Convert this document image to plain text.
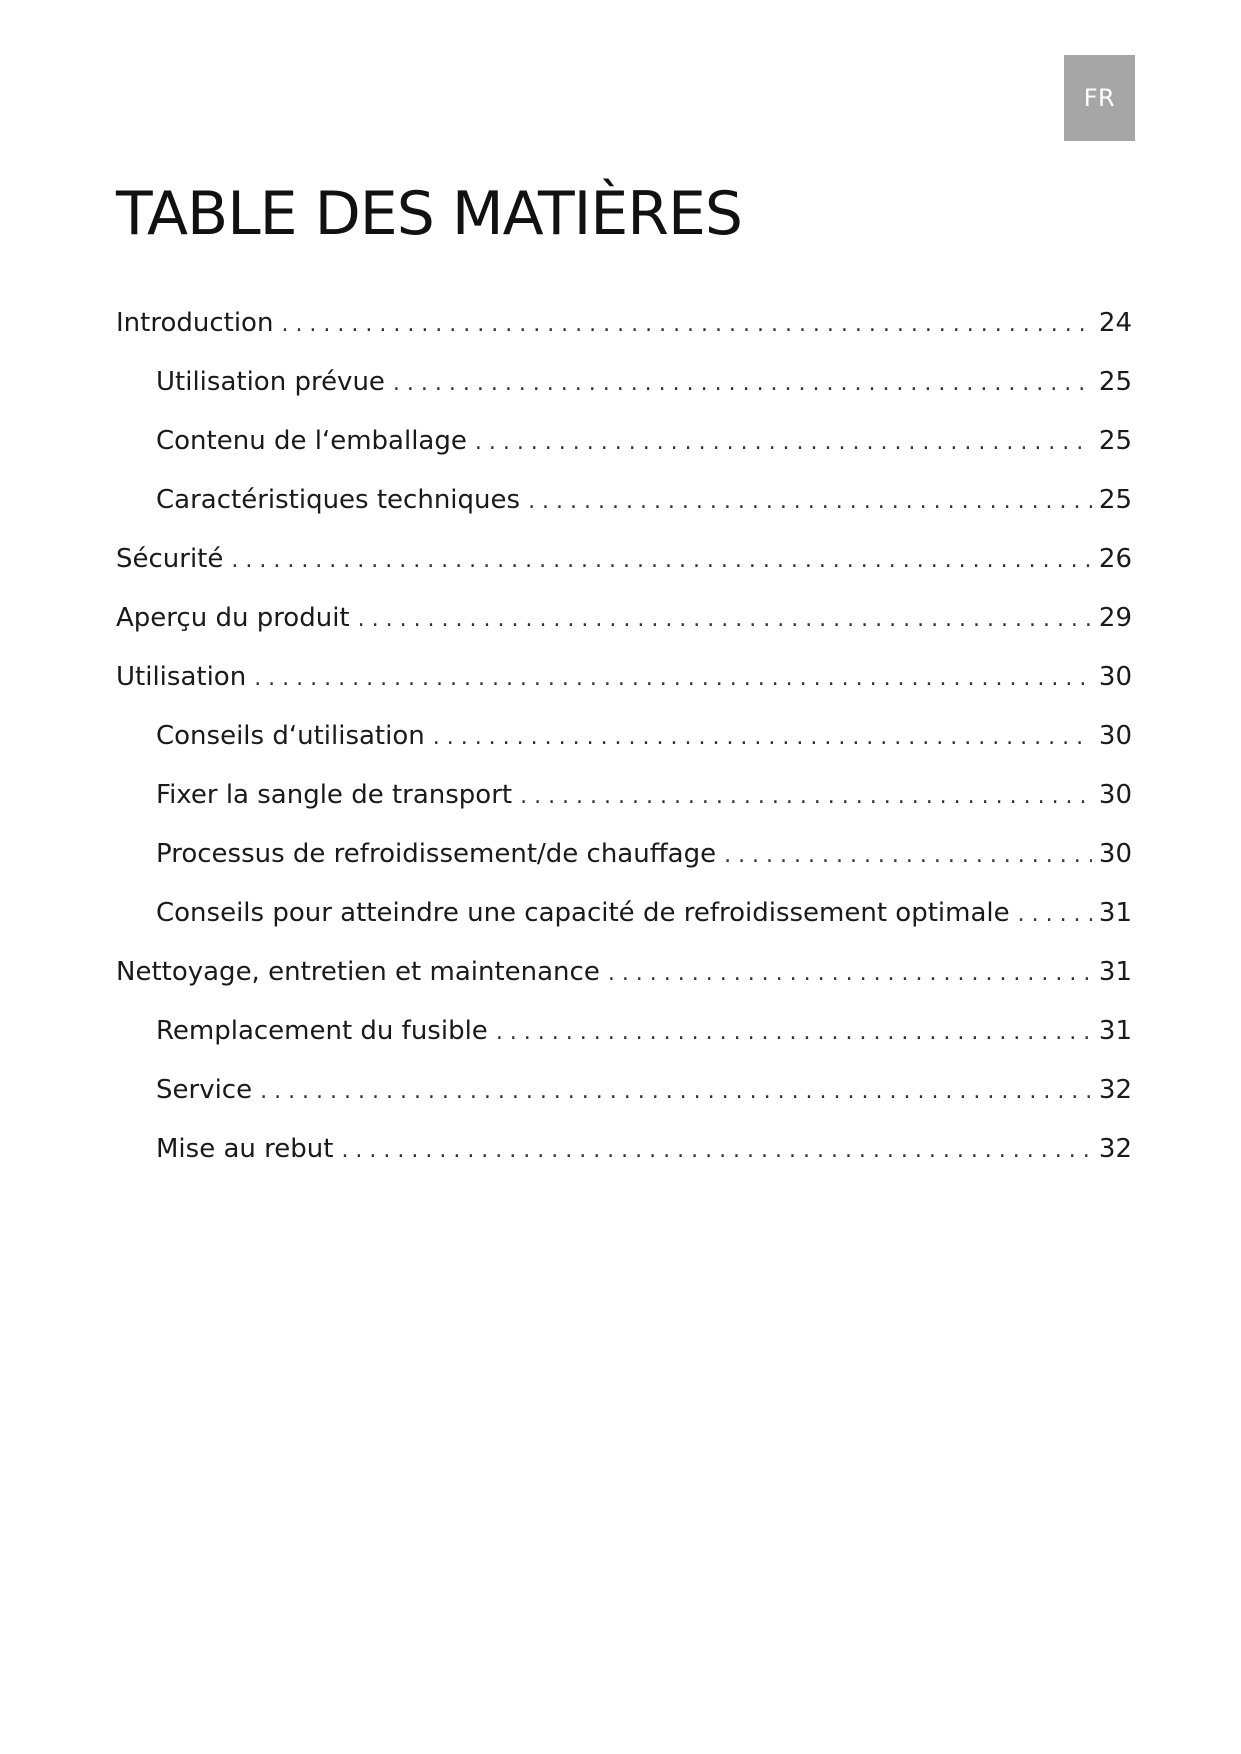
FR
TABLE DES MATIÈRES
Introduction . . .	24
Utilisation prévue . . .	25
Contenu de l‘emballage . . .	25
Caractéristiques techniques . . .	25
Sécurité . . .	26
Aperçu du produit . . .	29
Utilisation . . .	30
Conseils d‘utilisation . . .	30
Fixer la sangle de transport . . .	30
Processus de refroidissement/de chauffage . . .	30
Conseils pour atteindre une capacité de refroidissement optimale . . .	31
Nettoyage, entretien et maintenance . . .	31
Remplacement du fusible . . .	31
Service . . .	32
Mise au rebut . . .	32
